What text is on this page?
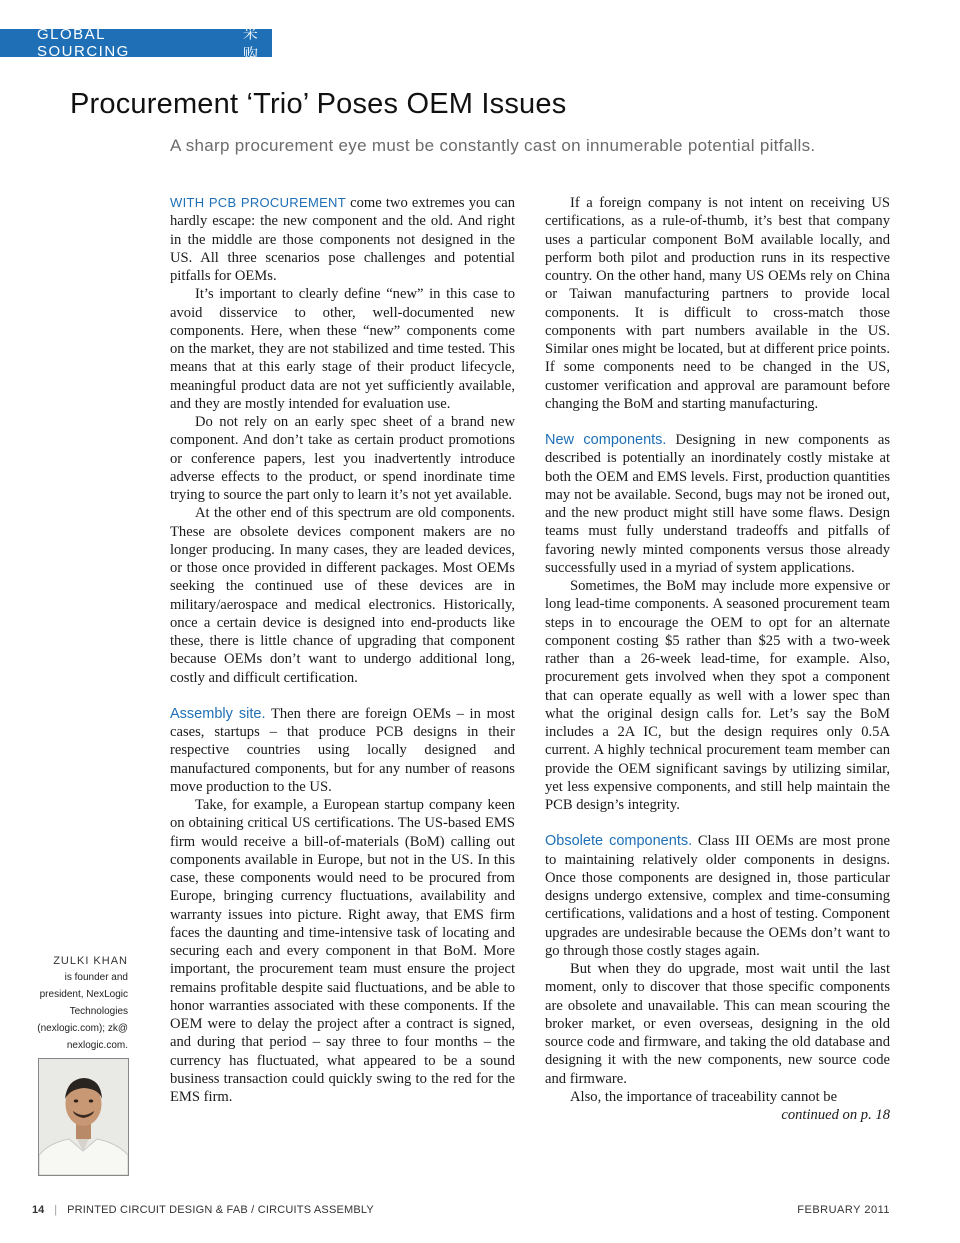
GLOBAL SOURCING
采购
Procurement ‘Trio’ Poses OEM Issues

A sharp procurement eye must be constantly cast on innumerable potential pitfalls.

WITH PCB PROCUREMENT come two extremes you can hardly escape: the new component and the old. And right in the middle are those components not designed in the US. All three scenarios pose challenges and potential pitfalls for OEMs.

It’s important to clearly define “new” in this case to avoid disservice to other, well-documented new components. Here, when these “new” components come on the market, they are not stabilized and time tested. This means that at this early stage of their product lifecycle, meaningful product data are not yet sufficiently available, and they are mostly intended for evaluation use.

Do not rely on an early spec sheet of a brand new component. And don’t take as certain product promotions or conference papers, lest you inadvertently introduce adverse effects to the product, or spend inordinate time trying to source the part only to learn it’s not yet available.

At the other end of this spectrum are old components. These are obsolete devices component makers are no longer producing. In many cases, they are leaded devices, or those once provided in different packages. Most OEMs seeking the continued use of these devices are in military/aerospace and medical electronics. Historically, once a certain device is designed into end-products like these, there is little chance of upgrading that component because OEMs don’t want to undergo additional long, costly and difficult certification.

Assembly site. Then there are foreign OEMs – in most cases, startups – that produce PCB designs in their respective countries using locally designed and manufactured components, but for any number of reasons move production to the US.

Take, for example, a European startup company keen on obtaining critical US certifications. The US-based EMS firm would receive a bill-of-materials (BoM) calling out components available in Europe, but not in the US. In this case, these components would need to be procured from Europe, bringing currency fluctuations, availability and warranty issues into picture. Right away, that EMS firm faces the daunting and time-intensive task of locating and securing each and every component in that BoM. More important, the procurement team must ensure the project remains profitable despite said fluctuations, and be able to honor warranties associated with these components. If the OEM were to delay the project after a contract is signed, and during that period – say three to four months – the currency has fluctuated, what appeared to be a sound business transaction could quickly swing to the red for the EMS firm.

If a foreign company is not intent on receiving US certifications, as a rule-of-thumb, it’s best that company uses a particular component BoM available locally, and perform both pilot and production runs in its respective country. On the other hand, many US OEMs rely on China or Taiwan manufacturing partners to provide local components. It is difficult to cross-match those components with part numbers available in the US. Similar ones might be located, but at different price points. If some components need to be changed in the US, customer verification and approval are paramount before changing the BoM and starting manufacturing.

New components. Designing in new components as described is potentially an inordinately costly mistake at both the OEM and EMS levels. First, production quantities may not be available. Second, bugs may not be ironed out, and the new product might still have some flaws. Design teams must fully understand tradeoffs and pitfalls of favoring newly minted components versus those already successfully used in a myriad of system applications.

Sometimes, the BoM may include more expensive or long lead-time components. A seasoned procurement team steps in to encourage the OEM to opt for an alternate component costing $5 rather than $25 with a two-week rather than a 26-week lead-time, for example. Also, procurement gets involved when they spot a component that can operate equally as well with a lower spec than what the original design calls for. Let’s say the BoM includes a 2A IC, but the design requires only 0.5A current. A highly technical procurement team member can provide the OEM significant savings by utilizing similar, yet less expensive components, and still help maintain the PCB design’s integrity.

Obsolete components. Class III OEMs are most prone to maintaining relatively older components in designs. Once those components are designed in, those particular designs undergo extensive, complex and time-consuming certifications, validations and a host of testing. Component upgrades are undesirable because the OEMs don’t want to go through those costly stages again.

But when they do upgrade, most wait until the last moment, only to discover that those specific components are obsolete and unavailable. This can mean scouring the broker market, or even overseas, designing in the old source code and firmware, and taking the old database and designing it with the new components, new source code and firmware.

Also, the importance of traceability cannot be

continued on p. 18

ZULKI KHAN
is founder and president, NexLogic Technologies (nexlogic.com); zk@ nexlogic.com.
14 | PRINTED CIRCUIT DESIGN & FAB / CIRCUITS ASSEMBLY	FEBRUARY 2011
